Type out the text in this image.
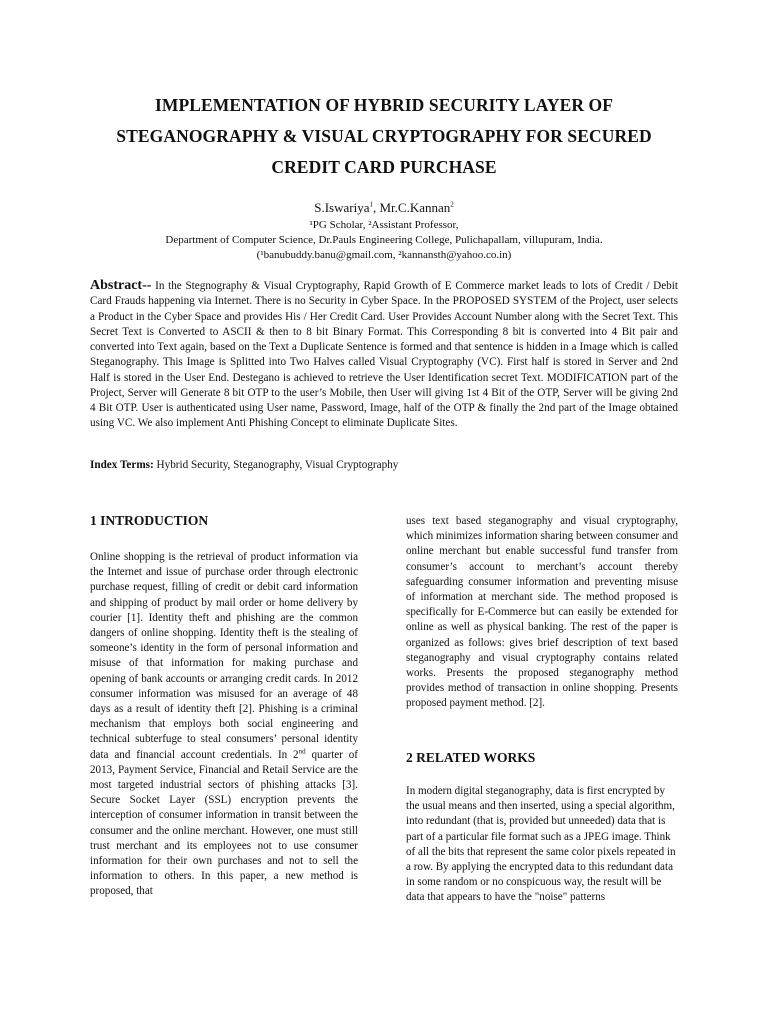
IMPLEMENTATION OF HYBRID SECURITY LAYER OF
STEGANOGRAPHY & VISUAL CRYPTOGRAPHY FOR SECURED
CREDIT CARD PURCHASE
S.Iswariya$^1$, Mr.C.Kannan$^2$
¹PG Scholar, ²Assistant Professor,
Department of Computer Science, Dr.Pauls Engineering College, Pulichapallam, villupuram, India.
(¹banubuddy.banu@gmail.com, ²kannansth@yahoo.co.in)
Abstract-- In the Stegnography & Visual Cryptography, Rapid Growth of E Commerce market leads to lots of Credit / Debit Card Frauds happening via Internet. There is no Security in Cyber Space. In the PROPOSED SYSTEM of the Project, user selects a Product in the Cyber Space and provides His / Her Credit Card. User Provides Account Number along with the Secret Text. This Secret Text is Converted to ASCII & then to 8 bit Binary Format. This Corresponding 8 bit is converted into 4 Bit pair and converted into Text again, based on the Text a Duplicate Sentence is formed and that sentence is hidden in a Image which is called Steganography. This Image is Splitted into Two Halves called Visual Cryptography (VC). First half is stored in Server and 2nd Half is stored in the User End. Destegano is achieved to retrieve the User Identification secret Text. MODIFICATION part of the Project, Server will Generate 8 bit OTP to the user’s Mobile, then User will giving 1st 4 Bit of the OTP, Server will be giving 2nd 4 Bit OTP. User is authenticated using User name, Password, Image, half of the OTP & finally the 2nd part of the Image obtained using VC. We also implement Anti Phishing Concept to eliminate Duplicate Sites.
Index Terms: Hybrid Security, Steganography, Visual Cryptography
1 INTRODUCTION
Online shopping is the retrieval of product information via the Internet and issue of purchase order through electronic purchase request, filling of credit or debit card information and shipping of product by mail order or home delivery by courier [1]. Identity theft and phishing are the common dangers of online shopping. Identity theft is the stealing of someone’s identity in the form of personal information and misuse of that information for making purchase and opening of bank accounts or arranging credit cards. In 2012 consumer information was misused for an average of 48 days as a result of identity theft [2]. Phishing is a criminal mechanism that employs both social engineering and technical subterfuge to steal consumers’ personal identity data and financial account credentials. In 2nd quarter of 2013, Payment Service, Financial and Retail Service are the most targeted industrial sectors of phishing attacks [3]. Secure Socket Layer (SSL) encryption prevents the interception of consumer information in transit between the consumer and the online merchant. However, one must still trust merchant and its employees not to use consumer information for their own purchases and not to sell the information to others. In this paper, a new method is proposed, that
uses text based steganography and visual cryptography, which minimizes information sharing between consumer and online merchant but enable successful fund transfer from consumer’s account to merchant’s account thereby safeguarding consumer information and preventing misuse of information at merchant side. The method proposed is specifically for E-Commerce but can easily be extended for online as well as physical banking. The rest of the paper is organized as follows: gives brief description of text based steganography and visual cryptography contains related works. Presents the proposed steganography method provides method of transaction in online shopping. Presents proposed payment method. [2].
2 RELATED WORKS
In modern digital steganography, data is first encrypted by the usual means and then inserted, using a special algorithm, into redundant (that is, provided but unneeded) data that is part of a particular file format such as a JPEG image. Think of all the bits that represent the same color pixels repeated in a row. By applying the encrypted data to this redundant data in some random or no conspicuous way, the result will be data that appears to have the "noise" patterns
